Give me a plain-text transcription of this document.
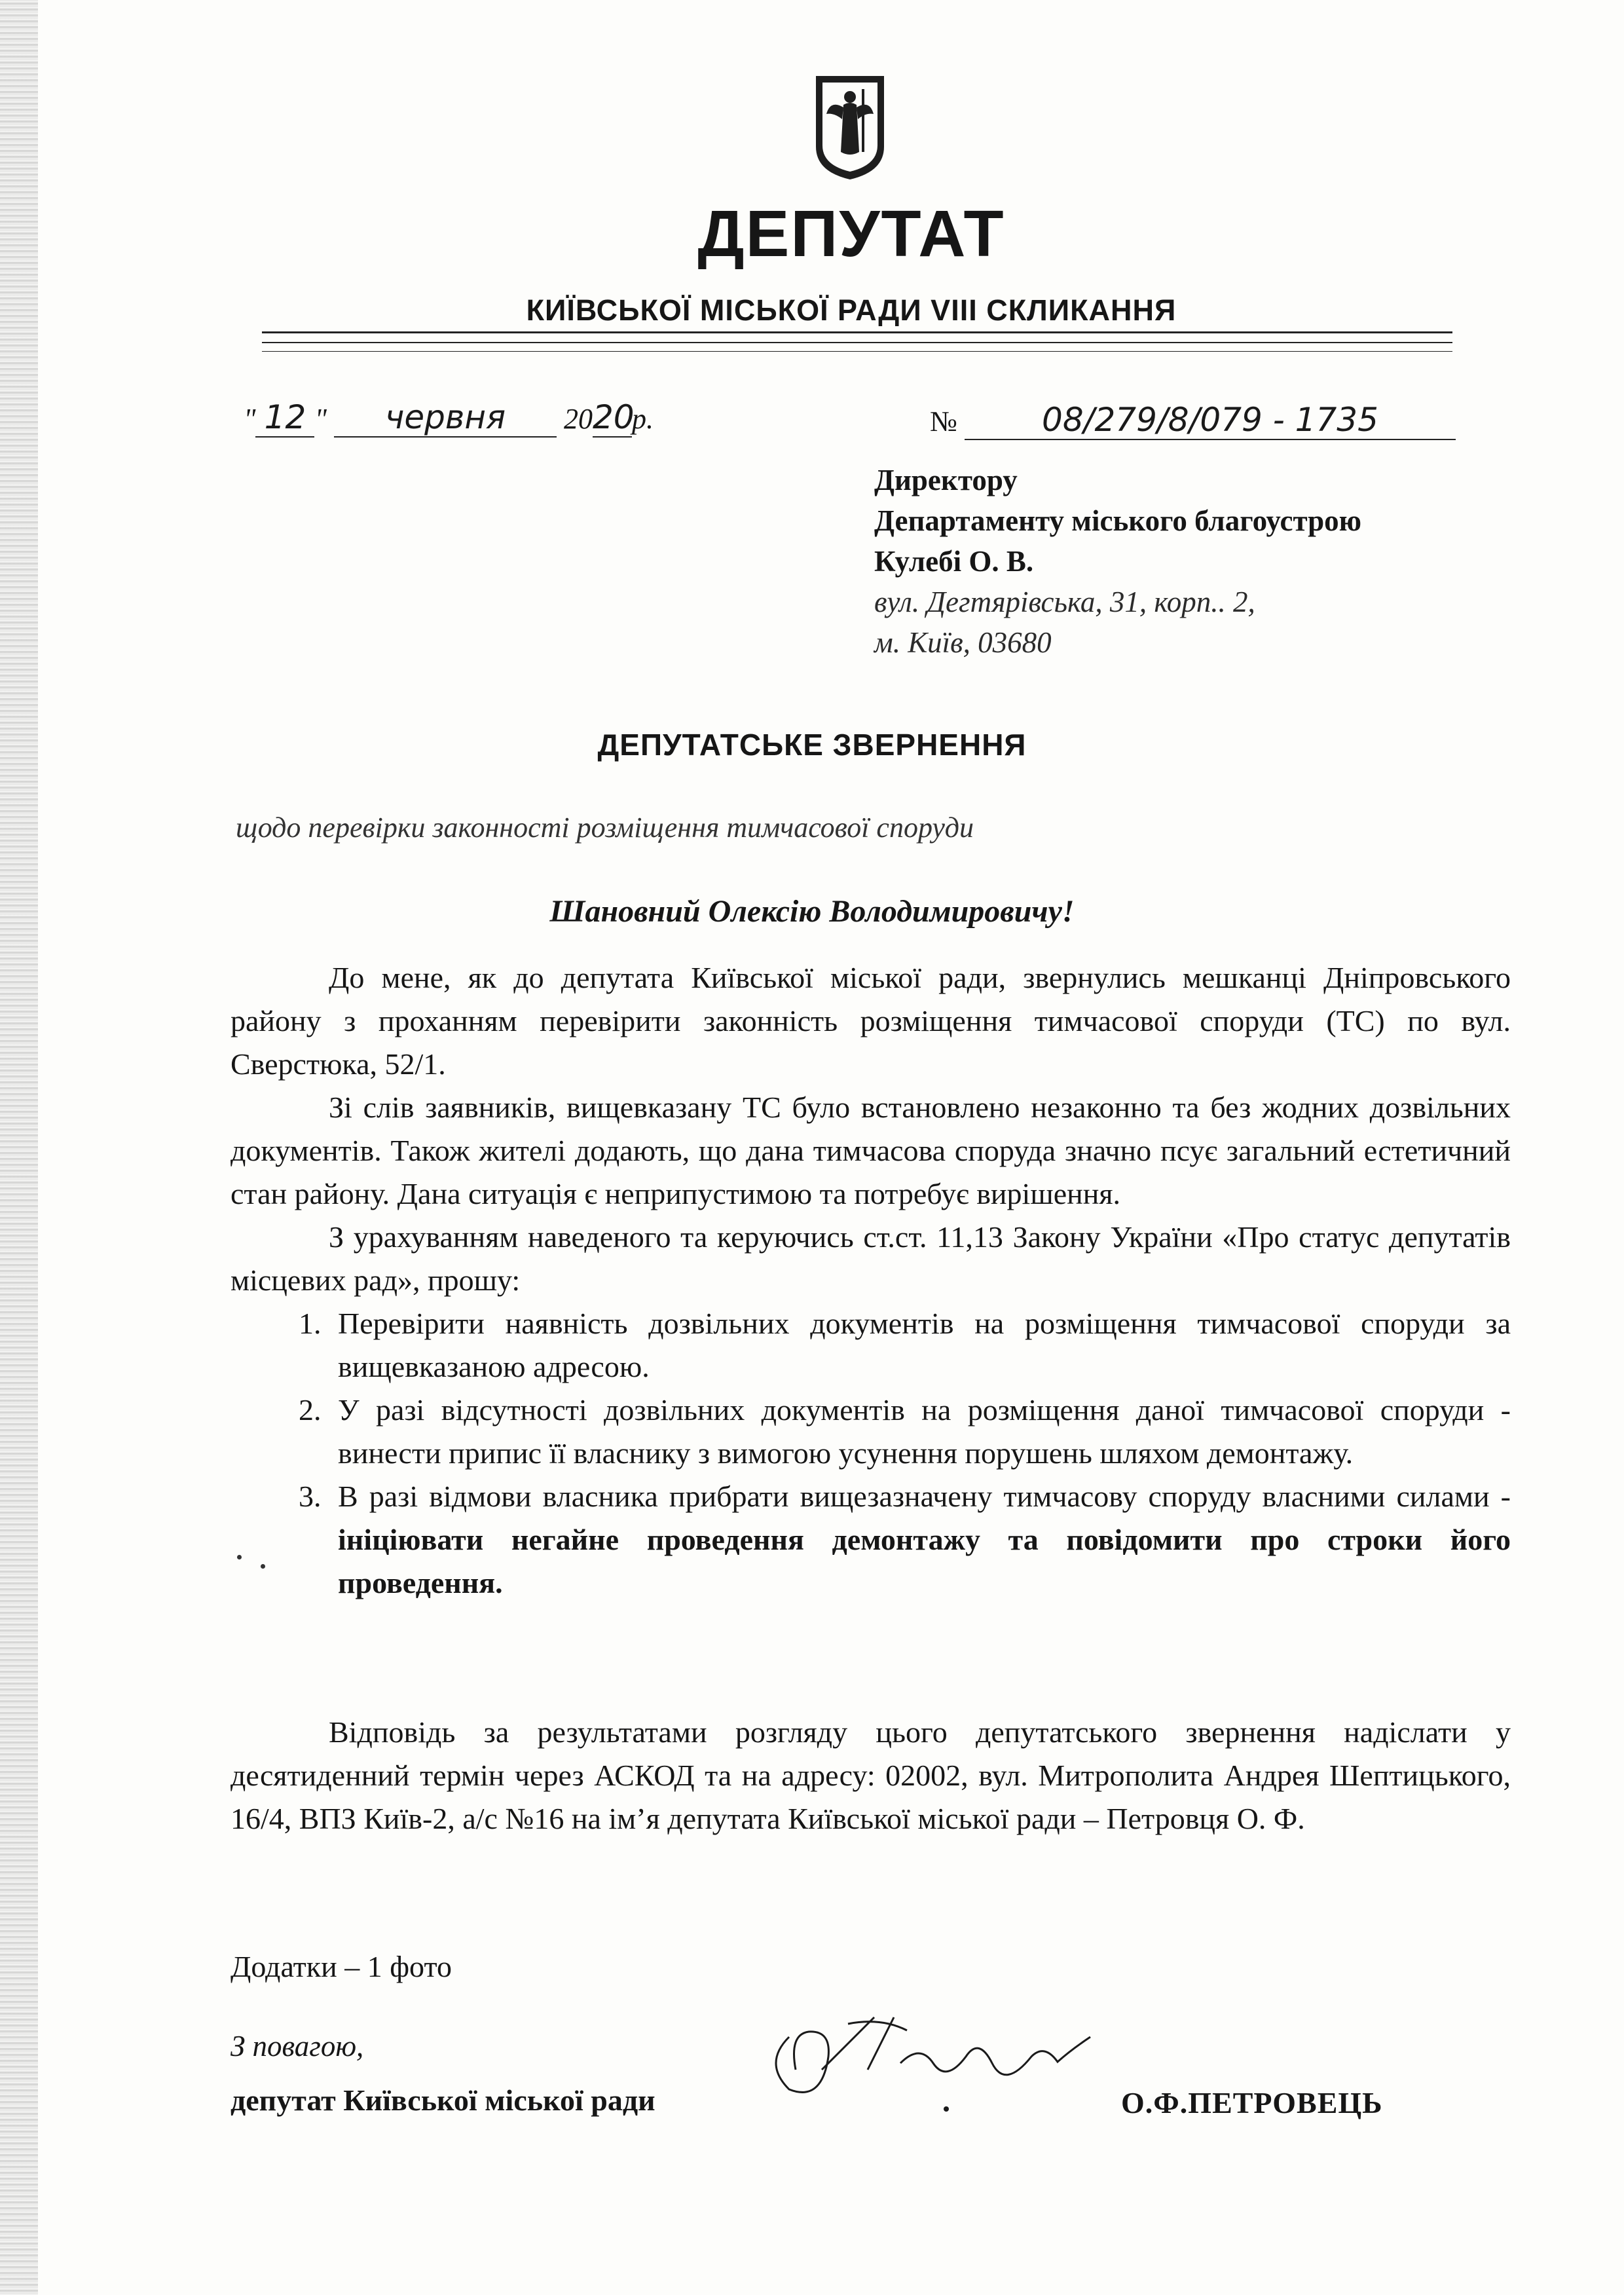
ДЕПУТАТ
КИЇВСЬКОЇ МІСЬКОЇ РАДИ VIII СКЛИКАННЯ
" 12 " червня 2020р.	№	08/279/8/079 - 1735
Директору
Департаменту міського благоустрою
Кулебі О. В.
вул. Дегтярівська, 31, корп.. 2,
м. Київ, 03680
ДЕПУТАТСЬКЕ ЗВЕРНЕННЯ
щодо перевірки законності розміщення тимчасової споруди
Шановний Олексію Володимировичу!

До мене, як до депутата Київської міської ради, звернулись мешканці Дніпровського району з проханням перевірити законність розміщення тимчасової споруди (ТС) по вул. Сверстюка, 52/1.

Зі слів заявників, вищевказану ТС було встановлено незаконно та без жодних дозвільних документів. Також жителі додають, що дана тимчасова споруда значно псує загальний естетичний стан району. Дана ситуація є неприпустимою та потребує вирішення.

З урахуванням наведеного та керуючись ст.ст. 11,13 Закону України «Про статус депутатів місцевих рад», прошу:

1. Перевірити наявність дозвільних документів на розміщення тимчасової споруди за вищевказаною адресою.
2. У разі відсутності дозвільних документів на розміщення даної тимчасової споруди - винести припис її власнику з вимогою усунення порушень шляхом демонтажу.
3. В разі відмови власника прибрати вищезазначену тимчасову споруду власними силами - ініціювати негайне проведення демонтажу та повідомити про строки його проведення.

Відповідь за результатами розгляду цього депутатського звернення надіслати у десятиденний термін через АСКОД та на адресу: 02002, вул. Митрополита Андрея Шептицького, 16/4, ВПЗ Київ-2, а/с №16 на ім’я депутата Київської міської ради – Петровця О. Ф.

Додатки – 1 фото
З повагою,
депутат Київської міської ради	О.Ф.ПЕТРОВЕЦЬ
